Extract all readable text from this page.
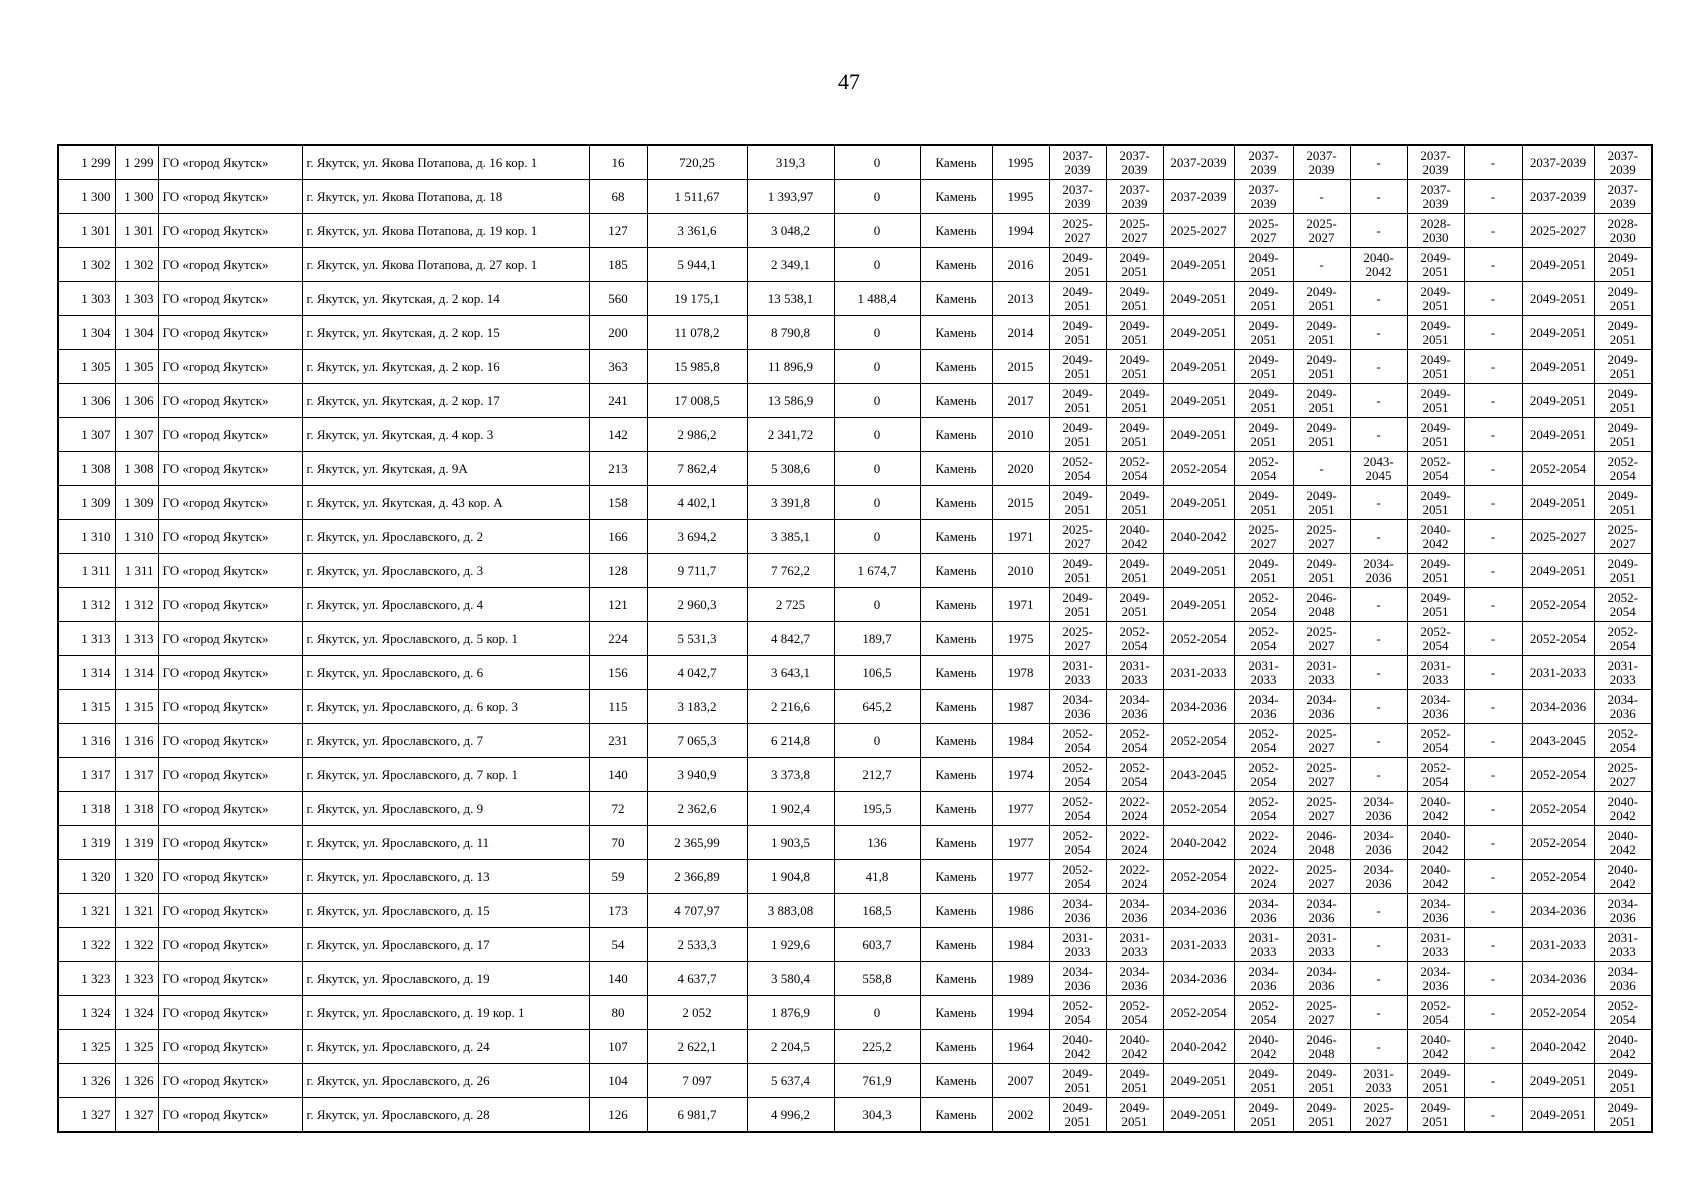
47
1 299	1 299	ГО «город Якутск»	г. Якутск, ул. Якова Потапова, д. 16 кор. 1	16	720,25	319,3	0	Камень	1995	2037-2039	2037-2039	2037-2039	2037-2039	2037-2039	-	2037-2039	-	2037-2039	2037-2039
1 300	1 300	ГО «город Якутск»	г. Якутск, ул. Якова Потапова, д. 18	68	1 511,67	1 393,97	0	Камень	1995	2037-2039	2037-2039	2037-2039	2037-2039	-	-	2037-2039	-	2037-2039	2037-2039
1 301	1 301	ГО «город Якутск»	г. Якутск, ул. Якова Потапова, д. 19 кор. 1	127	3 361,6	3 048,2	0	Камень	1994	2025-2027	2025-2027	2025-2027	2025-2027	2025-2027	-	2028-2030	-	2025-2027	2028-2030
1 302	1 302	ГО «город Якутск»	г. Якутск, ул. Якова Потапова, д. 27 кор. 1	185	5 944,1	2 349,1	0	Камень	2016	2049-2051	2049-2051	2049-2051	2049-2051	-	2040-2042	2049-2051	-	2049-2051	2049-2051
1 303	1 303	ГО «город Якутск»	г. Якутск, ул. Якутская, д. 2 кор. 14	560	19 175,1	13 538,1	1 488,4	Камень	2013	2049-2051	2049-2051	2049-2051	2049-2051	2049-2051	-	2049-2051	-	2049-2051	2049-2051
1 304	1 304	ГО «город Якутск»	г. Якутск, ул. Якутская, д. 2 кор. 15	200	11 078,2	8 790,8	0	Камень	2014	2049-2051	2049-2051	2049-2051	2049-2051	2049-2051	-	2049-2051	-	2049-2051	2049-2051
1 305	1 305	ГО «город Якутск»	г. Якутск, ул. Якутская, д. 2 кор. 16	363	15 985,8	11 896,9	0	Камень	2015	2049-2051	2049-2051	2049-2051	2049-2051	2049-2051	-	2049-2051	-	2049-2051	2049-2051
1 306	1 306	ГО «город Якутск»	г. Якутск, ул. Якутская, д. 2 кор. 17	241	17 008,5	13 586,9	0	Камень	2017	2049-2051	2049-2051	2049-2051	2049-2051	2049-2051	-	2049-2051	-	2049-2051	2049-2051
1 307	1 307	ГО «город Якутск»	г. Якутск, ул. Якутская, д. 4 кор. 3	142	2 986,2	2 341,72	0	Камень	2010	2049-2051	2049-2051	2049-2051	2049-2051	2049-2051	-	2049-2051	-	2049-2051	2049-2051
1 308	1 308	ГО «город Якутск»	г. Якутск, ул. Якутская, д. 9А	213	7 862,4	5 308,6	0	Камень	2020	2052-2054	2052-2054	2052-2054	2052-2054	-	2043-2045	2052-2054	-	2052-2054	2052-2054
1 309	1 309	ГО «город Якутск»	г. Якутск, ул. Якутская, д. 43 кор. А	158	4 402,1	3 391,8	0	Камень	2015	2049-2051	2049-2051	2049-2051	2049-2051	2049-2051	-	2049-2051	-	2049-2051	2049-2051
1 310	1 310	ГО «город Якутск»	г. Якутск, ул. Ярославского, д. 2	166	3 694,2	3 385,1	0	Камень	1971	2025-2027	2040-2042	2040-2042	2025-2027	2025-2027	-	2040-2042	-	2025-2027	2025-2027
1 311	1 311	ГО «город Якутск»	г. Якутск, ул. Ярославского, д. 3	128	9 711,7	7 762,2	1 674,7	Камень	2010	2049-2051	2049-2051	2049-2051	2049-2051	2049-2051	2034-2036	2049-2051	-	2049-2051	2049-2051
1 312	1 312	ГО «город Якутск»	г. Якутск, ул. Ярославского, д. 4	121	2 960,3	2 725	0	Камень	1971	2049-2051	2049-2051	2049-2051	2052-2054	2046-2048	-	2049-2051	-	2052-2054	2052-2054
1 313	1 313	ГО «город Якутск»	г. Якутск, ул. Ярославского, д. 5 кор. 1	224	5 531,3	4 842,7	189,7	Камень	1975	2025-2027	2052-2054	2052-2054	2052-2054	2025-2027	-	2052-2054	-	2052-2054	2052-2054
1 314	1 314	ГО «город Якутск»	г. Якутск, ул. Ярославского, д. 6	156	4 042,7	3 643,1	106,5	Камень	1978	2031-2033	2031-2033	2031-2033	2031-2033	2031-2033	-	2031-2033	-	2031-2033	2031-2033
1 315	1 315	ГО «город Якутск»	г. Якутск, ул. Ярославского, д. 6 кор. 3	115	3 183,2	2 216,6	645,2	Камень	1987	2034-2036	2034-2036	2034-2036	2034-2036	2034-2036	-	2034-2036	-	2034-2036	2034-2036
1 316	1 316	ГО «город Якутск»	г. Якутск, ул. Ярославского, д. 7	231	7 065,3	6 214,8	0	Камень	1984	2052-2054	2052-2054	2052-2054	2052-2054	2025-2027	-	2052-2054	-	2043-2045	2052-2054
1 317	1 317	ГО «город Якутск»	г. Якутск, ул. Ярославского, д. 7 кор. 1	140	3 940,9	3 373,8	212,7	Камень	1974	2052-2054	2052-2054	2043-2045	2052-2054	2025-2027	-	2052-2054	-	2052-2054	2025-2027
1 318	1 318	ГО «город Якутск»	г. Якутск, ул. Ярославского, д. 9	72	2 362,6	1 902,4	195,5	Камень	1977	2052-2054	2022-2024	2052-2054	2052-2054	2025-2027	2034-2036	2040-2042	-	2052-2054	2040-2042
1 319	1 319	ГО «город Якутск»	г. Якутск, ул. Ярославского, д. 11	70	2 365,99	1 903,5	136	Камень	1977	2052-2054	2022-2024	2040-2042	2022-2024	2046-2048	2034-2036	2040-2042	-	2052-2054	2040-2042
1 320	1 320	ГО «город Якутск»	г. Якутск, ул. Ярославского, д. 13	59	2 366,89	1 904,8	41,8	Камень	1977	2052-2054	2022-2024	2052-2054	2022-2024	2025-2027	2034-2036	2040-2042	-	2052-2054	2040-2042
1 321	1 321	ГО «город Якутск»	г. Якутск, ул. Ярославского, д. 15	173	4 707,97	3 883,08	168,5	Камень	1986	2034-2036	2034-2036	2034-2036	2034-2036	2034-2036	-	2034-2036	-	2034-2036	2034-2036
1 322	1 322	ГО «город Якутск»	г. Якутск, ул. Ярославского, д. 17	54	2 533,3	1 929,6	603,7	Камень	1984	2031-2033	2031-2033	2031-2033	2031-2033	2031-2033	-	2031-2033	-	2031-2033	2031-2033
1 323	1 323	ГО «город Якутск»	г. Якутск, ул. Ярославского, д. 19	140	4 637,7	3 580,4	558,8	Камень	1989	2034-2036	2034-2036	2034-2036	2034-2036	2034-2036	-	2034-2036	-	2034-2036	2034-2036
1 324	1 324	ГО «город Якутск»	г. Якутск, ул. Ярославского, д. 19 кор. 1	80	2 052	1 876,9	0	Камень	1994	2052-2054	2052-2054	2052-2054	2052-2054	2025-2027	-	2052-2054	-	2052-2054	2052-2054
1 325	1 325	ГО «город Якутск»	г. Якутск, ул. Ярославского, д. 24	107	2 622,1	2 204,5	225,2	Камень	1964	2040-2042	2040-2042	2040-2042	2040-2042	2046-2048	-	2040-2042	-	2040-2042	2040-2042
1 326	1 326	ГО «город Якутск»	г. Якутск, ул. Ярославского, д. 26	104	7 097	5 637,4	761,9	Камень	2007	2049-2051	2049-2051	2049-2051	2049-2051	2049-2051	2031-2033	2049-2051	-	2049-2051	2049-2051
1 327	1 327	ГО «город Якутск»	г. Якутск, ул. Ярославского, д. 28	126	6 981,7	4 996,2	304,3	Камень	2002	2049-2051	2049-2051	2049-2051	2049-2051	2049-2051	2025-2027	2049-2051	-	2049-2051	2049-2051
